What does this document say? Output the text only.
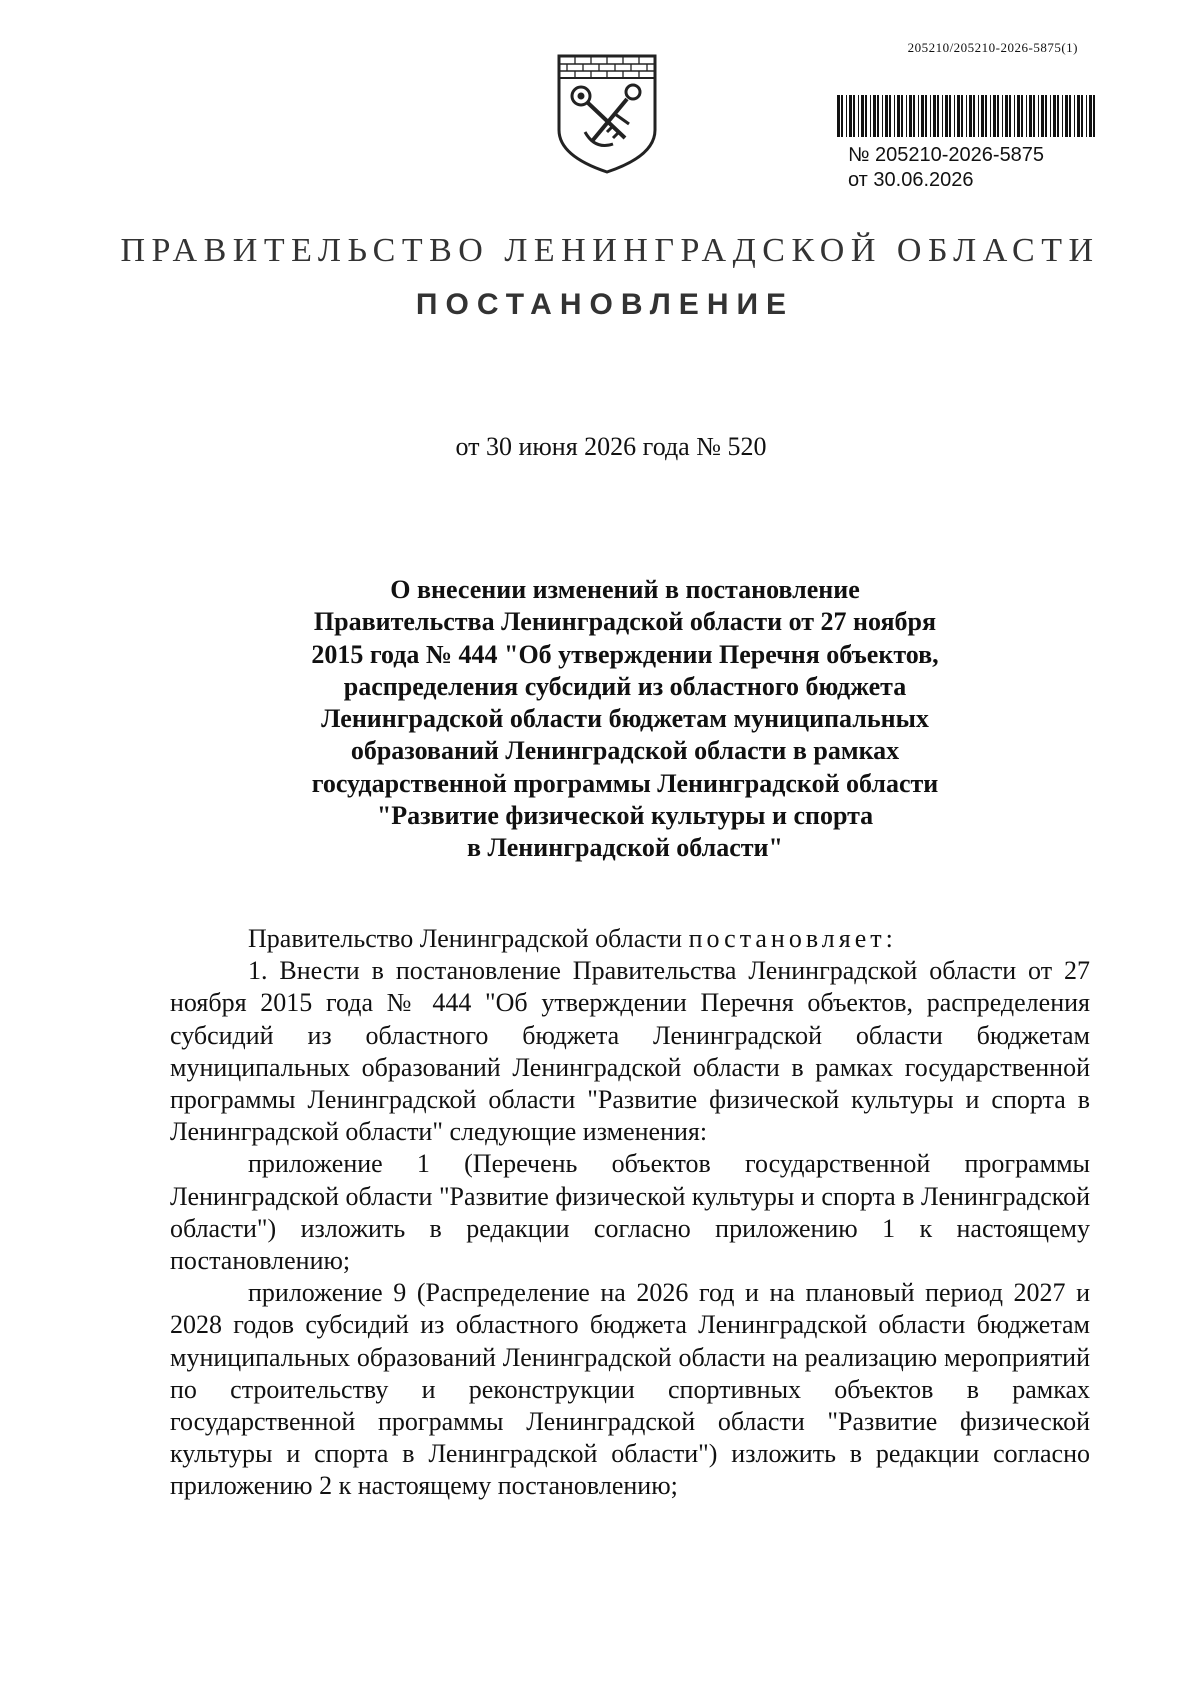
205210/205210-2026-5875(1)
№ 205210-2026-5875
от 30.06.2026
ПРАВИТЕЛЬСТВО ЛЕНИНГРАДСКОЙ ОБЛАСТИ
ПОСТАНОВЛЕНИЕ
от 30 июня 2026 года № 520
О внесении изменений в постановление
Правительства Ленинградской области от 27 ноября
2015 года № 444 "Об утверждении Перечня объектов,
распределения субсидий из областного бюджета
Ленинградской области бюджетам муниципальных
образований Ленинградской области в рамках
государственной программы Ленинградской области
"Развитие физической культуры и спорта
в Ленинградской области"

Правительство Ленинградской области постановляет:

1. Внести в постановление Правительства Ленинградской области от 27 ноября 2015 года № 444 "Об утверждении Перечня объектов, распределения субсидий из областного бюджета Ленинградской области бюджетам муниципальных образований Ленинградской области в рамках государственной программы Ленинградской области "Развитие физической культуры и спорта в Ленинградской области" следующие изменения:

приложение 1 (Перечень объектов государственной программы Ленинградской области "Развитие физической культуры и спорта в Ленинградской области") изложить в редакции согласно приложению 1 к настоящему постановлению;

приложение 9 (Распределение на 2026 год и на плановый период 2027 и 2028 годов субсидий из областного бюджета Ленинградской области бюджетам муниципальных образований Ленинградской области на реализацию мероприятий по строительству и реконструкции спортивных объектов в рамках государственной программы Ленинградской области "Развитие физической культуры и спорта в Ленинградской области") изложить в редакции согласно приложению 2 к настоящему постановлению;
